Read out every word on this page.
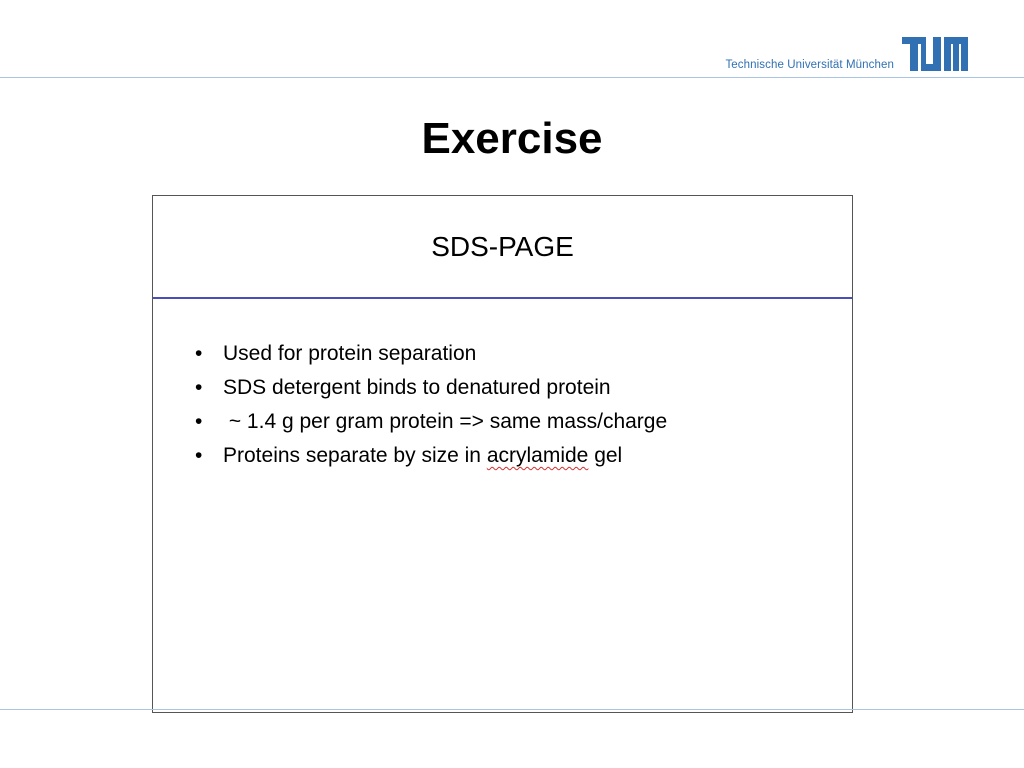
Technische Universität München
Exercise
SDS-PAGE
• Used for protein separation
• SDS detergent binds to denatured protein
• ~ 1.4 g per gram protein => same mass/charge
• Proteins separate by size in acrylamide gel
